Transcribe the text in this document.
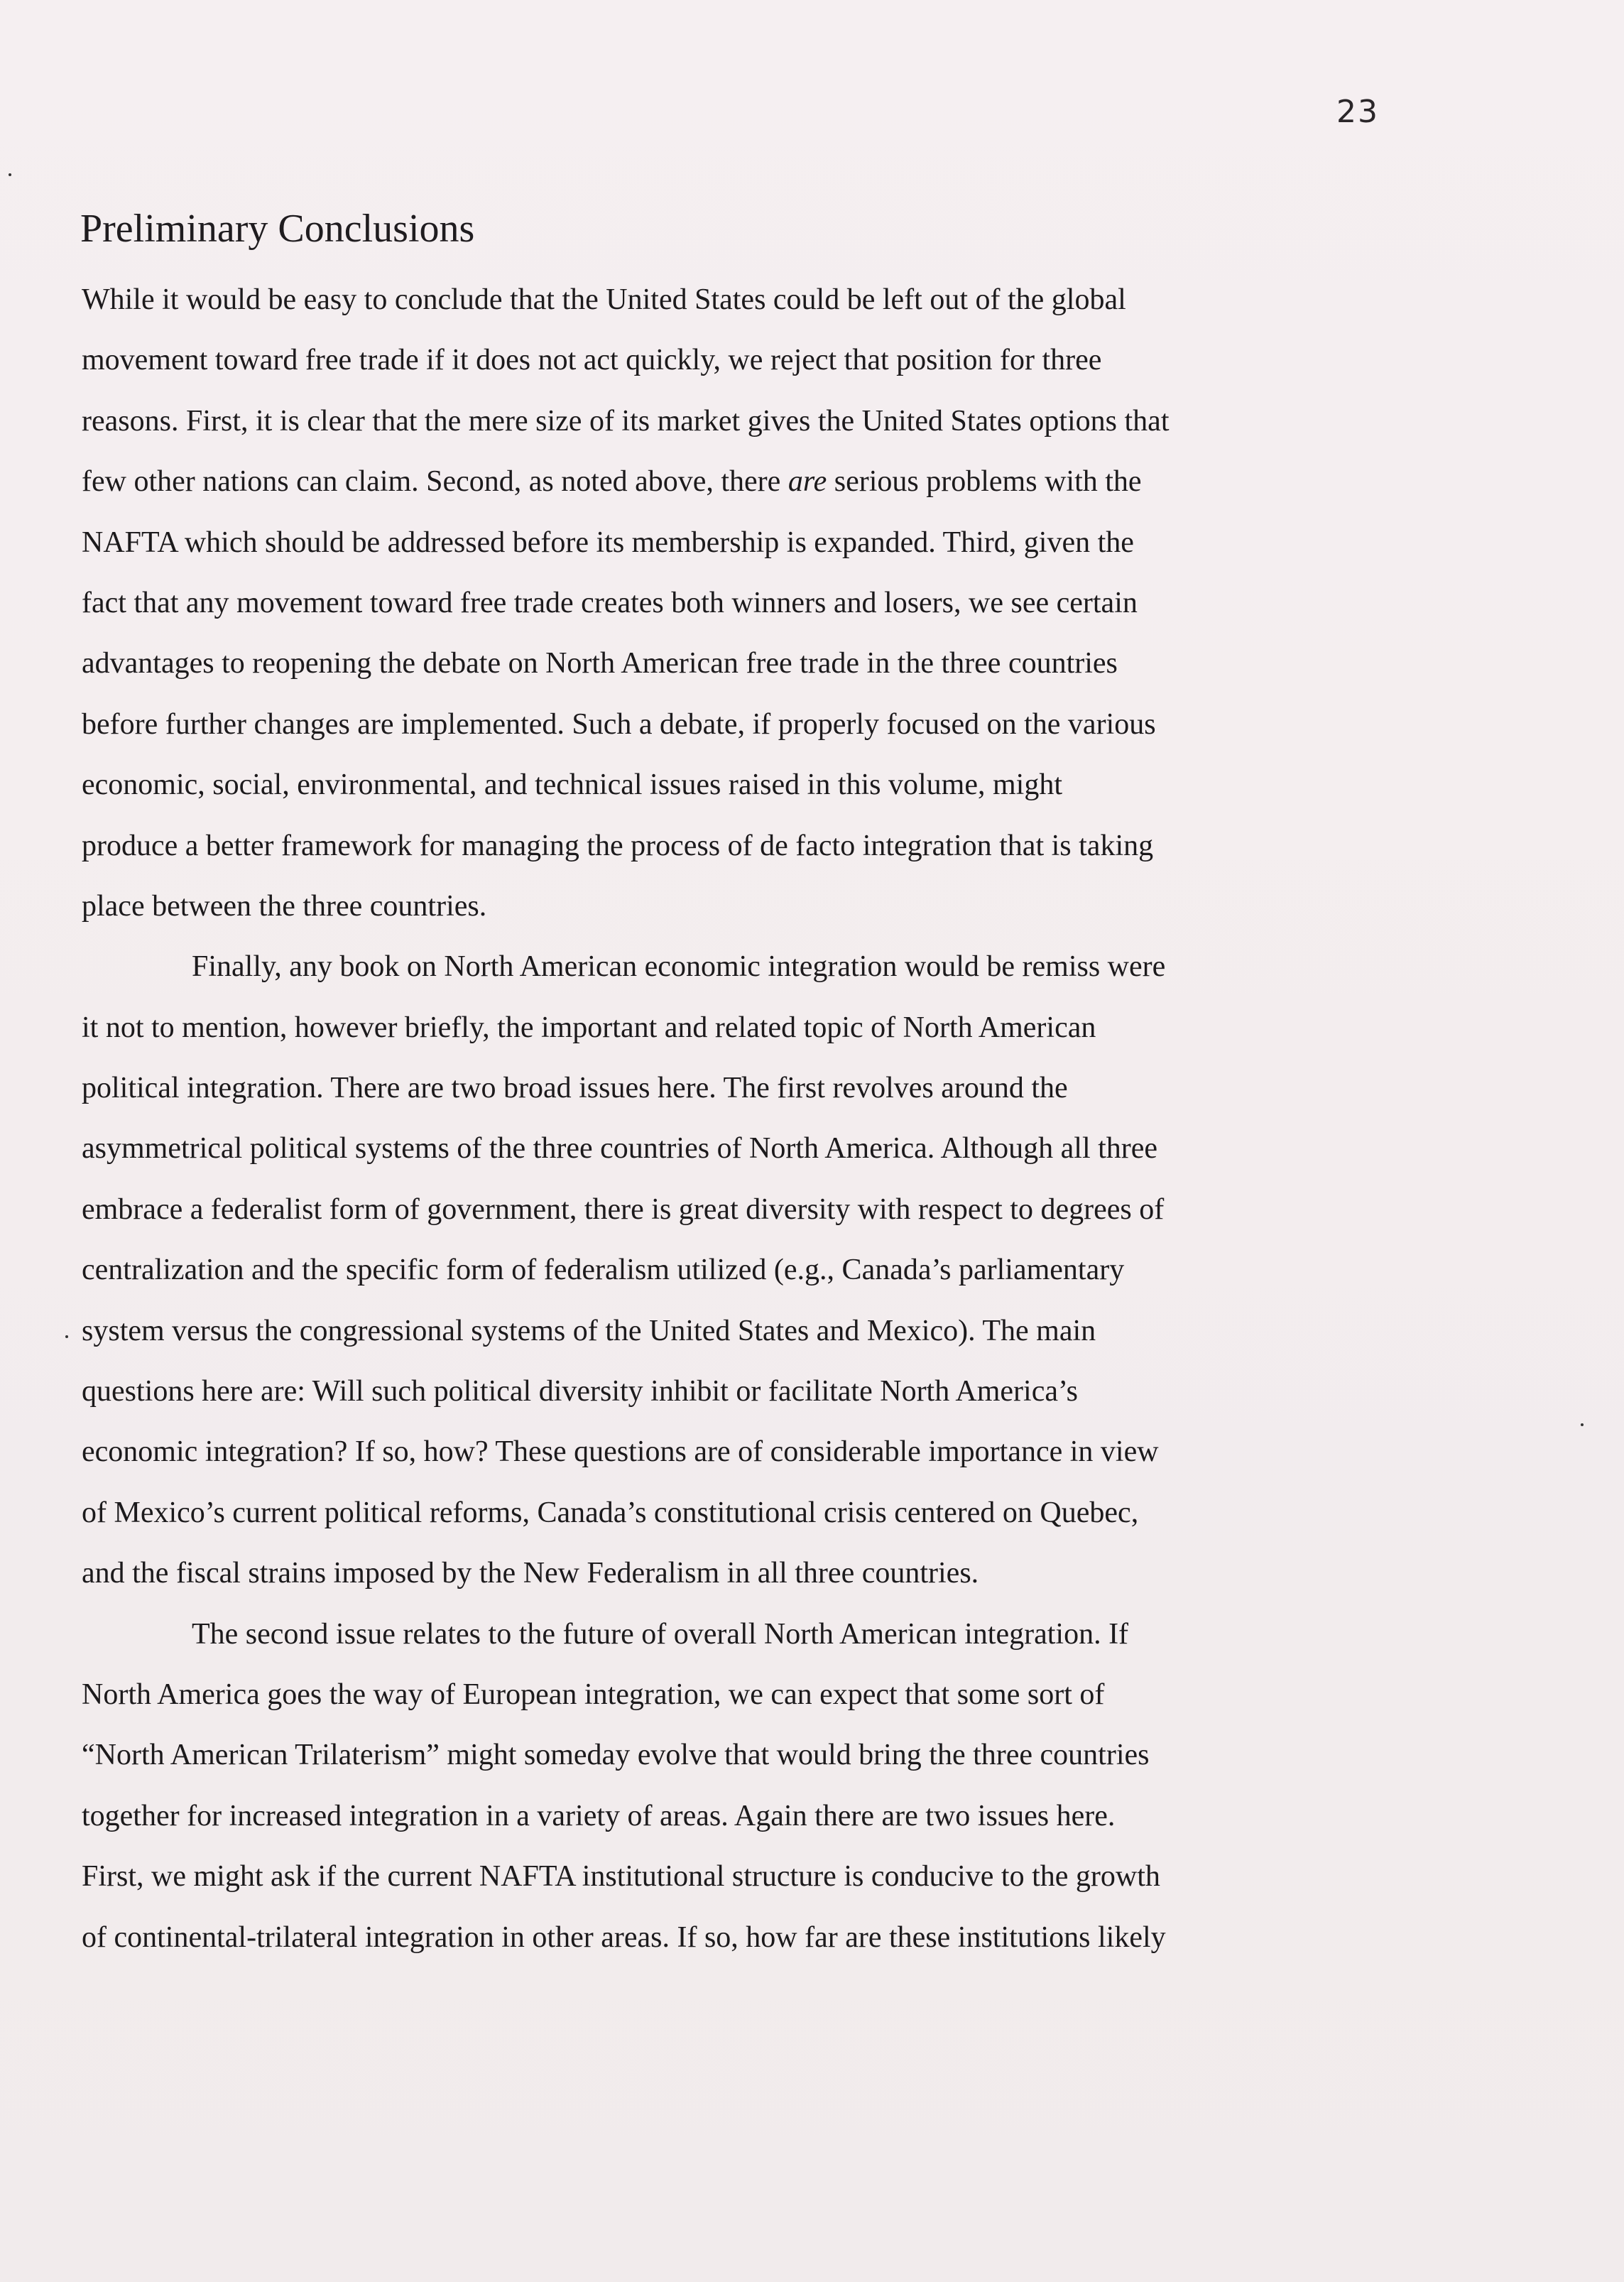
23
Preliminary Conclusions
While it would be easy to conclude that the United States could be left out of the global
movement toward free trade if it does not act quickly, we reject that position for three
reasons. First, it is clear that the mere size of its market gives the United States options that
few other nations can claim. Second, as noted above, there are serious problems with the
NAFTA which should be addressed before its membership is expanded. Third, given the
fact that any movement toward free trade creates both winners and losers, we see certain
advantages to reopening the debate on North American free trade in the three countries
before further changes are implemented. Such a debate, if properly focused on the various
economic, social, environmental, and technical issues raised in this volume, might
produce a better framework for managing the process of de facto integration that is taking
place between the three countries.
Finally, any book on North American economic integration would be remiss were
it not to mention, however briefly, the important and related topic of North American
political integration. There are two broad issues here. The first revolves around the
asymmetrical political systems of the three countries of North America. Although all three
embrace a federalist form of government, there is great diversity with respect to degrees of
centralization and the specific form of federalism utilized (e.g., Canada’s parliamentary
system versus the congressional systems of the United States and Mexico). The main
questions here are: Will such political diversity inhibit or facilitate North America’s
economic integration? If so, how? These questions are of considerable importance in view
of Mexico’s current political reforms, Canada’s constitutional crisis centered on Quebec,
and the fiscal strains imposed by the New Federalism in all three countries.
The second issue relates to the future of overall North American integration. If
North America goes the way of European integration, we can expect that some sort of
“North American Trilaterism” might someday evolve that would bring the three countries
together for increased integration in a variety of areas. Again there are two issues here.
First, we might ask if the current NAFTA institutional structure is conducive to the growth
of continental-trilateral integration in other areas. If so, how far are these institutions likely
